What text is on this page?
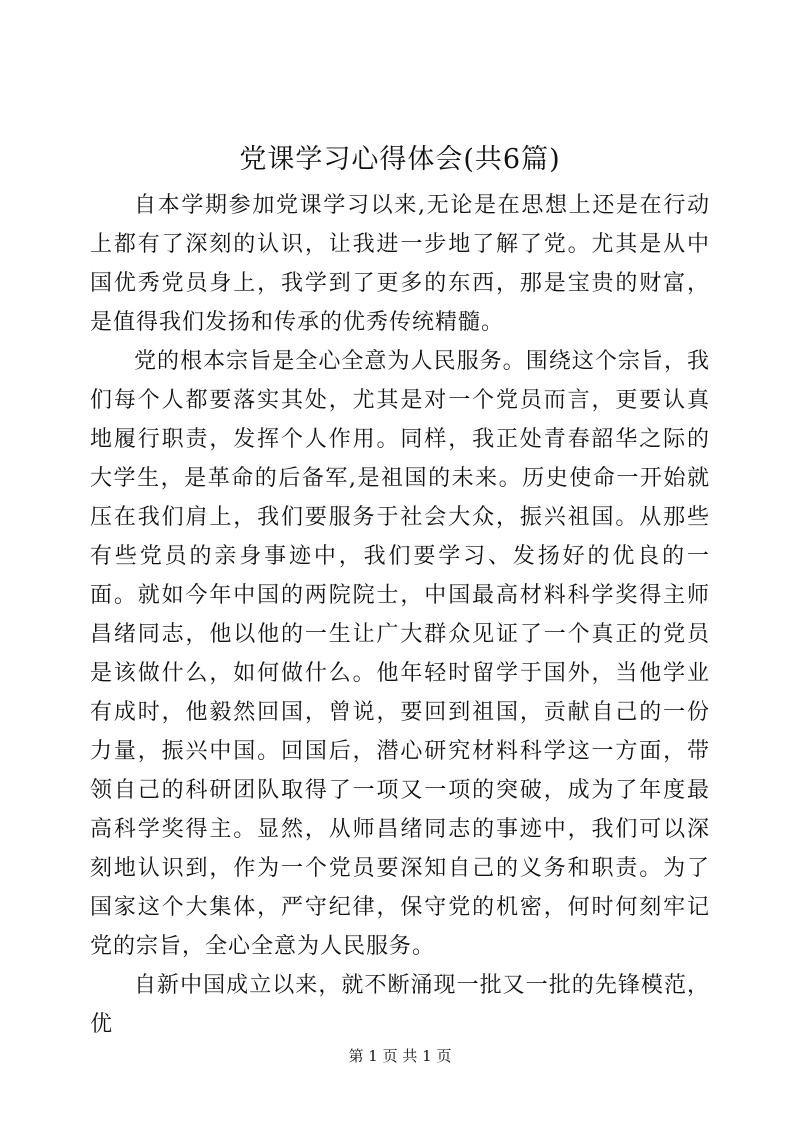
党课学习心得体会(共6篇)

自本学期参加党课学习以来,无论是在思想上还是在行动上都有了深刻的认识，让我进一步地了解了党。尤其是从中国优秀党员身上，我学到了更多的东西，那是宝贵的财富，是值得我们发扬和传承的优秀传统精髓。

党的根本宗旨是全心全意为人民服务。围绕这个宗旨，我们每个人都要落实其处，尤其是对一个党员而言，更要认真地履行职责，发挥个人作用。同样，我正处青春韶华之际的大学生，是革命的后备军,是祖国的未来。历史使命一开始就压在我们肩上，我们要服务于社会大众，振兴祖国。从那些有些党员的亲身事迹中，我们要学习、发扬好的优良的一面。就如今年中国的两院院士，中国最高材料科学奖得主师昌绪同志，他以他的一生让广大群众见证了一个真正的党员是该做什么，如何做什么。他年轻时留学于国外，当他学业有成时，他毅然回国，曾说，要回到祖国，贡献自己的一份力量，振兴中国。回国后，潜心研究材料科学这一方面，带领自己的科研团队取得了一项又一项的突破，成为了年度最高科学奖得主。显然，从师昌绪同志的事迹中，我们可以深刻地认识到，作为一个党员要深知自己的义务和职责。为了国家这个大集体，严守纪律，保守党的机密，何时何刻牢记党的宗旨，全心全意为人民服务。

自新中国成立以来，就不断涌现一批又一批的先锋模范，优

第 1 页 共 1 页
